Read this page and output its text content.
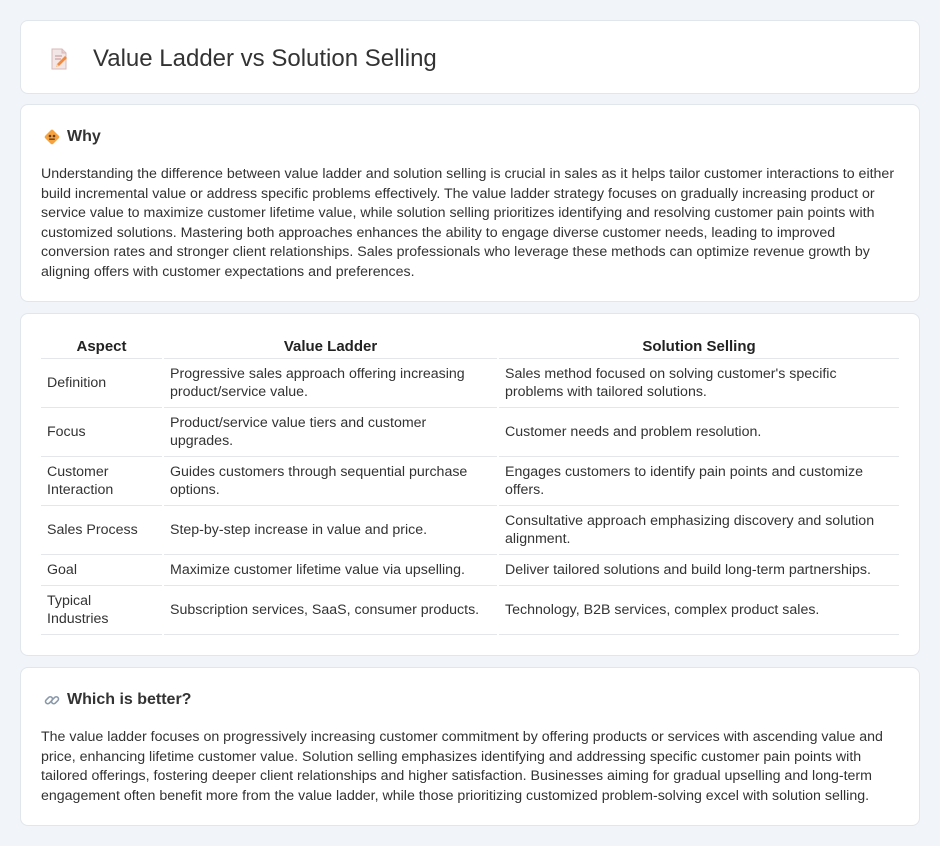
Value Ladder vs Solution Selling
Why

Understanding the difference between value ladder and solution selling is crucial in sales as it helps tailor customer interactions to either build incremental value or address specific problems effectively. The value ladder strategy focuses on gradually increasing product or service value to maximize customer lifetime value, while solution selling prioritizes identifying and resolving customer pain points with customized solutions. Mastering both approaches enhances the ability to engage diverse customer needs, leading to improved conversion rates and stronger client relationships. Sales professionals who leverage these methods can optimize revenue growth by aligning offers with customer expectations and preferences.

Aspect	Value Ladder	Solution Selling
Definition	Progressive sales approach offering increasing product/service value.	Sales method focused on solving customer's specific problems with tailored solutions.
Focus	Product/service value tiers and customer upgrades.	Customer needs and problem resolution.
Customer Interaction	Guides customers through sequential purchase options.	Engages customers to identify pain points and customize offers.
Sales Process	Step-by-step increase in value and price.	Consultative approach emphasizing discovery and solution alignment.
Goal	Maximize customer lifetime value via upselling.	Deliver tailored solutions and build long-term partnerships.
Typical Industries	Subscription services, SaaS, consumer products.	Technology, B2B services, complex product sales.
Which is better?

The value ladder focuses on progressively increasing customer commitment by offering products or services with ascending value and price, enhancing lifetime customer value. Solution selling emphasizes identifying and addressing specific customer pain points with tailored offerings, fostering deeper client relationships and higher satisfaction. Businesses aiming for gradual upselling and long-term engagement often benefit more from the value ladder, while those prioritizing customized problem-solving excel with solution selling.
